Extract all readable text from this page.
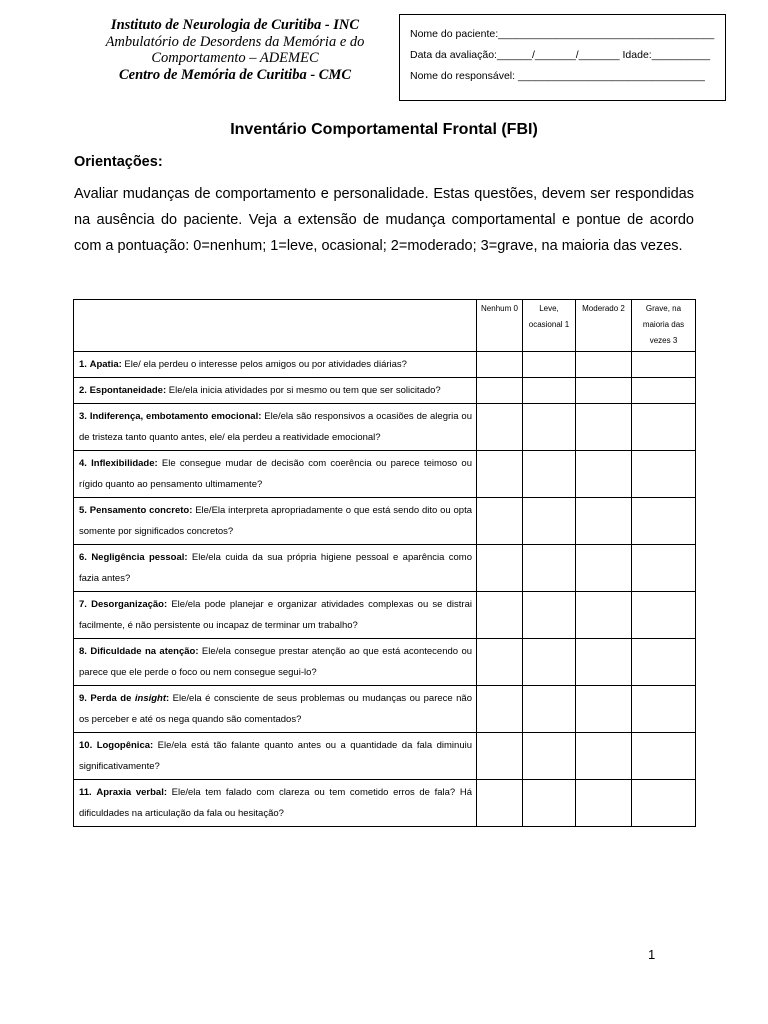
Instituto de Neurologia de Curitiba - INC
Ambulatório de Desordens da Memória e do Comportamento – ADEMEC
Centro de Memória de Curitiba - CMC
Nome do paciente:_____________________________________
Data da avaliação:______/_______/_______ Idade:__________
Nome do responsável: ________________________________
Inventário Comportamental Frontal (FBI)
Orientações:
Avaliar mudanças de comportamento e personalidade. Estas questões, devem ser respondidas na ausência do paciente. Veja a extensão de mudança comportamental e pontue de acordo com a pontuação: 0=nenhum; 1=leve, ocasional; 2=moderado; 3=grave, na maioria das vezes.
	Nenhum 0	Leve, ocasional 1	Moderado 2	Grave, na maioria das vezes 3
1. Apatia: Ele/ ela perdeu o interesse pelos amigos ou por atividades diárias?				
2. Espontaneidade: Ele/ela inicia atividades por si mesmo ou tem que ser solicitado?				
3. Indiferença, embotamento emocional: Ele/ela são responsivos a ocasiões de alegria ou de tristeza tanto quanto antes, ele/ ela perdeu a reatividade emocional?				
4. Inflexibilidade: Ele consegue mudar de decisão com coerência ou parece teimoso ou rígido quanto ao pensamento ultimamente?				
5. Pensamento concreto: Ele/Ela interpreta apropriadamente o que está sendo dito ou opta somente por significados concretos?				
6. Negligência pessoal: Ele/ela cuida da sua própria higiene pessoal e aparência como fazia antes?				
7. Desorganização: Ele/ela pode planejar e organizar atividades complexas ou se distrai facilmente, é não persistente ou incapaz de terminar um trabalho?				
8. Dificuldade na atenção: Ele/ela consegue prestar atenção ao que está acontecendo ou parece que ele perde o foco ou nem consegue segui-lo?				
9. Perda de insight: Ele/ela é consciente de seus problemas ou mudanças ou parece não os perceber e até os nega quando são comentados?				
10. Logopênica: Ele/ela está tão falante quanto antes ou a quantidade da fala diminuiu significativamente?				
11. Apraxia verbal: Ele/ela tem falado com clareza ou tem cometido erros de fala? Há dificuldades na articulação da fala ou hesitação?				
1
